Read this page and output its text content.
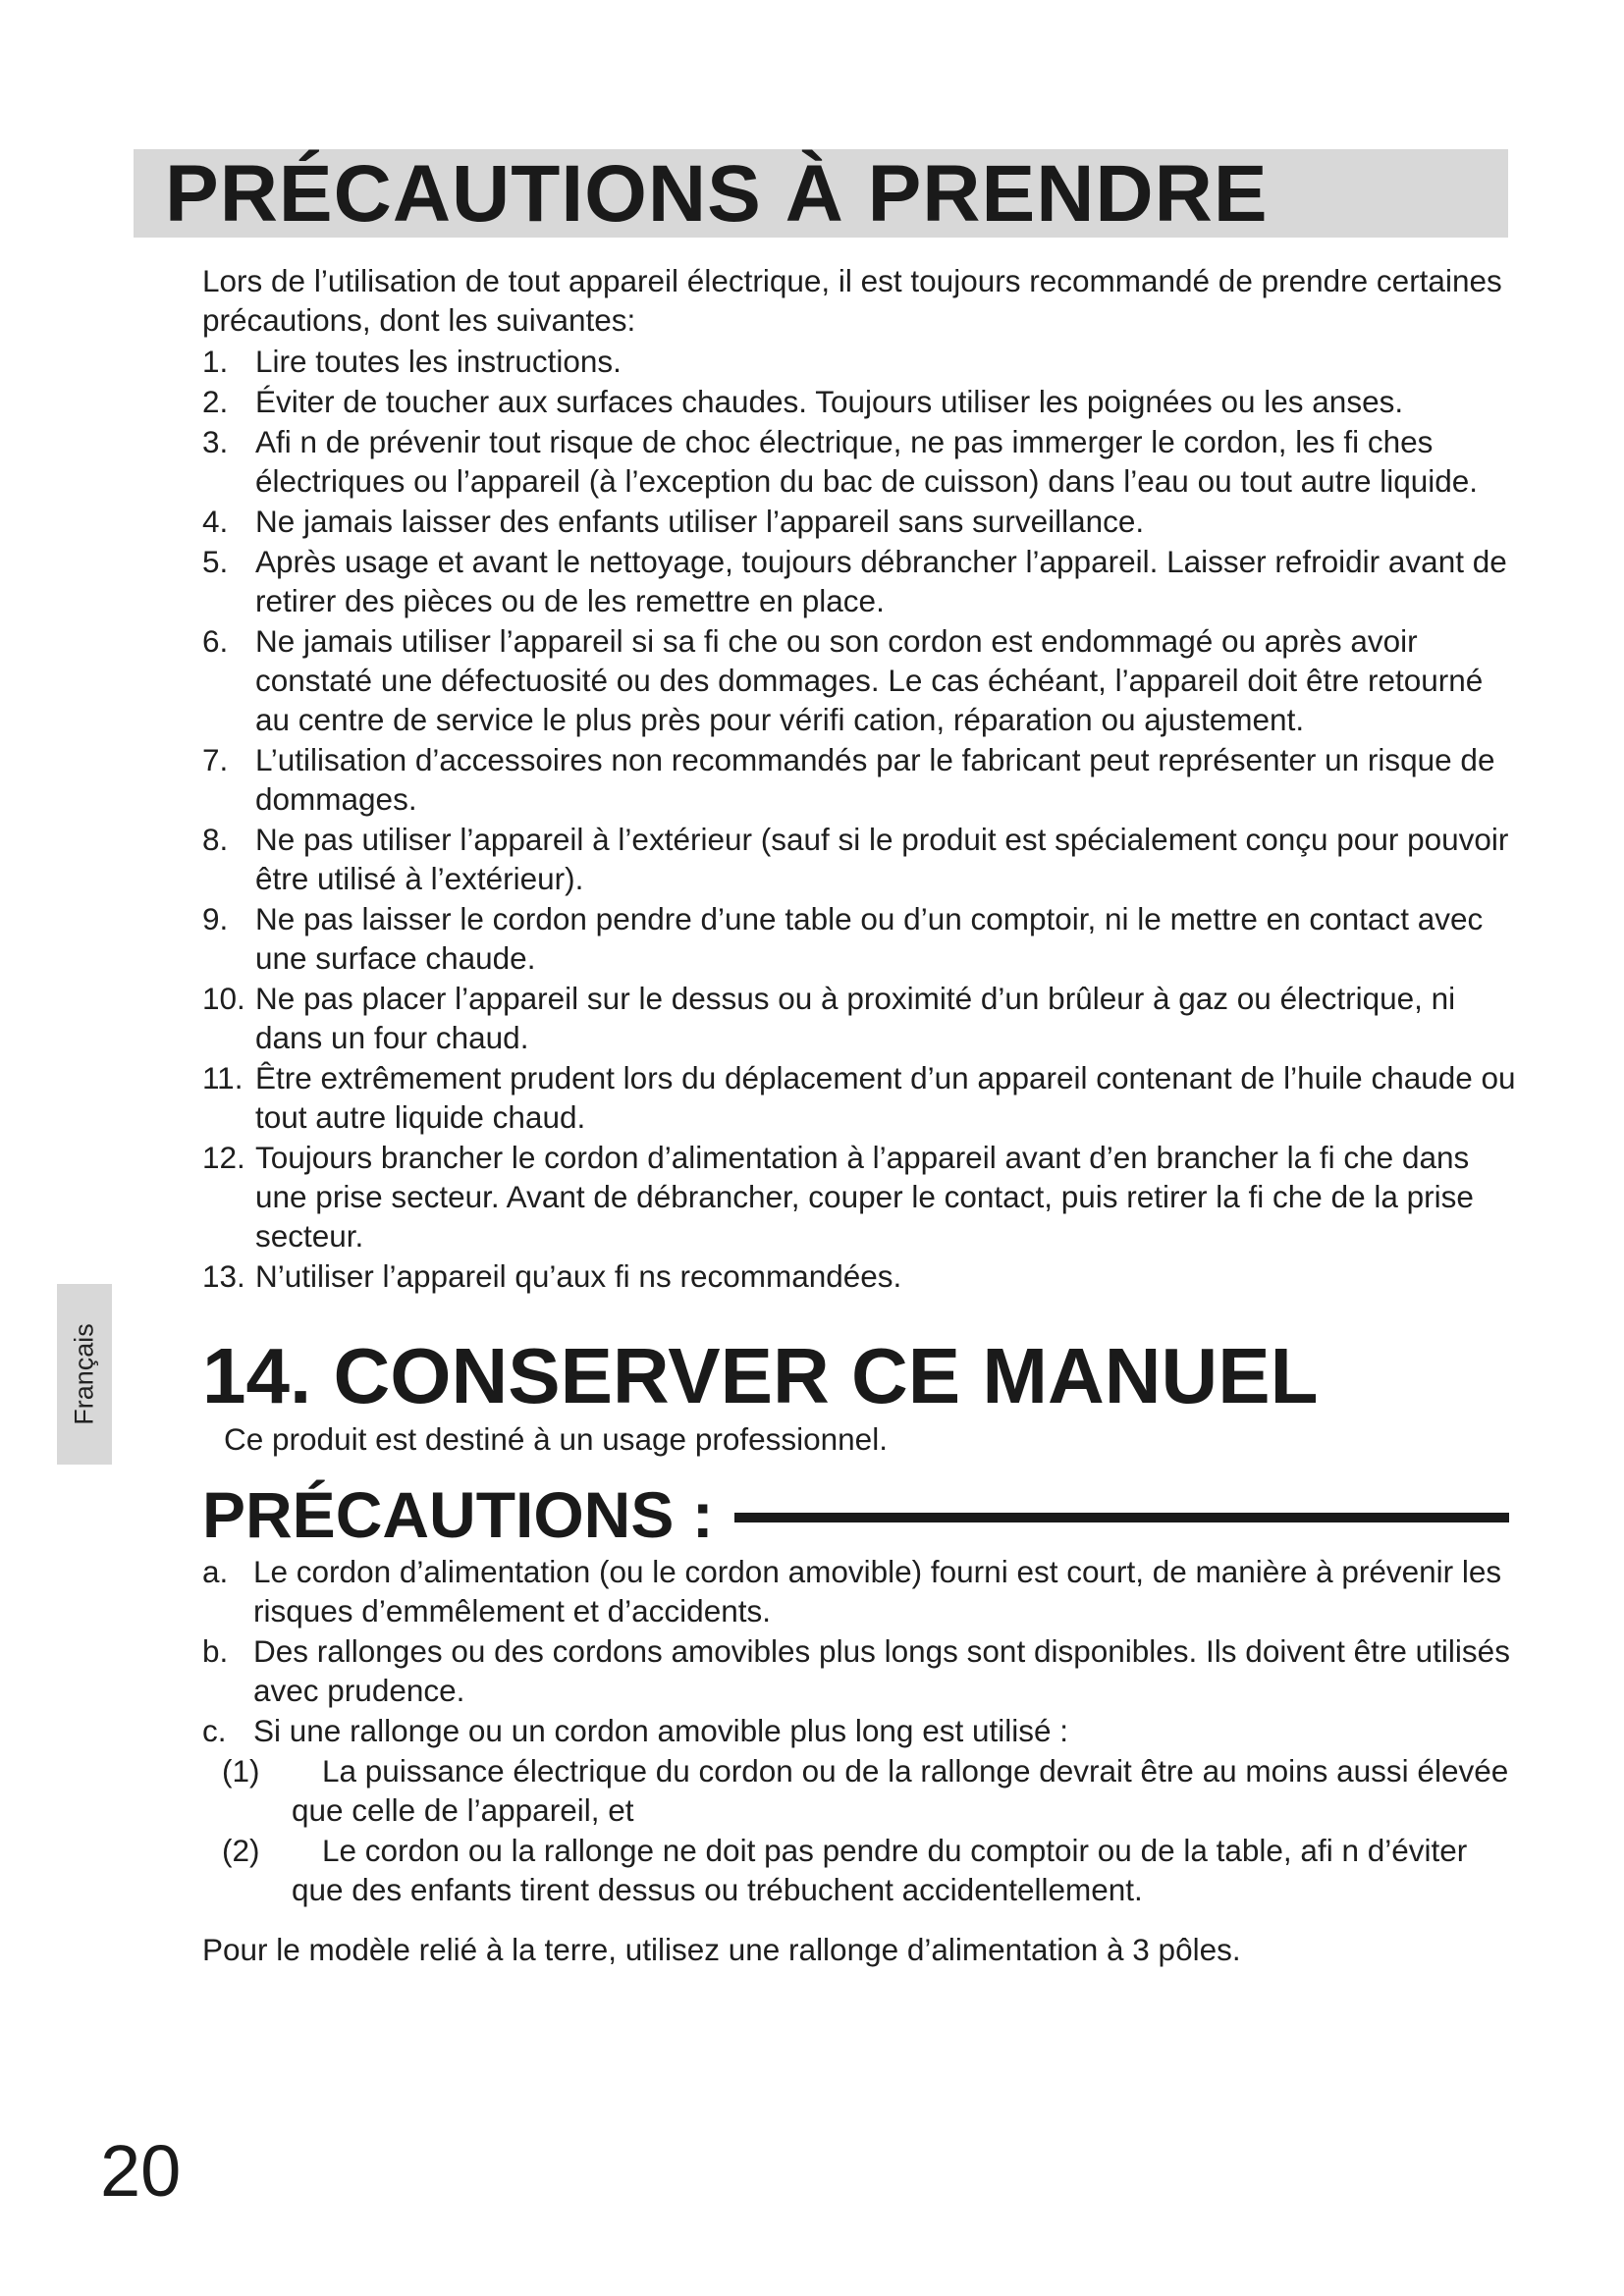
PRÉCAUTIONS À PRENDRE

Lors de l’utilisation de tout appareil électrique, il est toujours recommandé de prendre certaines précautions, dont les suivantes:

1. Lire toutes les instructions.
2. Éviter de toucher aux surfaces chaudes. Toujours utiliser les poignées ou les anses.
3. Afi n de prévenir tout risque de choc électrique, ne pas immerger le cordon, les fi ches électriques ou l’appareil (à l’exception du bac de cuisson) dans l’eau ou tout autre liquide.
4. Ne jamais laisser des enfants utiliser l’appareil sans surveillance.
5. Après usage et avant le nettoyage, toujours débrancher l’appareil. Laisser refroidir avant de retirer des pièces ou de les remettre en place.
6. Ne jamais utiliser l’appareil si sa fi che ou son cordon est endommagé ou après avoir constaté une défectuosité ou des dommages. Le cas échéant, l’appareil doit être retourné au centre de service le plus près pour vérifi cation, réparation ou ajustement.
7. L’utilisation d’accessoires non recommandés par le fabricant peut représenter un risque de dommages.
8. Ne pas utiliser l’appareil à l’extérieur (sauf si le produit est spécialement conçu pour pouvoir être utilisé à l’extérieur).
9. Ne pas laisser le cordon pendre d’une table ou d’un comptoir, ni le mettre en contact avec une surface chaude.
10. Ne pas placer l’appareil sur le dessus ou à proximité d’un brûleur à gaz ou électrique, ni dans un four chaud.
11. Être extrêmement prudent lors du déplacement d’un appareil contenant de l’huile chaude ou tout autre liquide chaud.
12. Toujours brancher le cordon d’alimentation à l’appareil avant d’en brancher la fi che dans une prise secteur. Avant de débrancher, couper le contact, puis retirer la fi che de la prise secteur.
13. N’utiliser l’appareil qu’aux fi ns recommandées.
14. CONSERVER CE MANUEL

Ce produit est destiné à un usage professionnel.

PRÉCAUTIONS :
a. Le cordon d’alimentation (ou le cordon amovible) fourni est court, de manière à prévenir les risques d’emmêlement et d’accidents.
b. Des rallonges ou des cordons amovibles plus longs sont disponibles. Ils doivent être utilisés avec prudence.
c. Si une rallonge ou un cordon amovible plus long est utilisé :
(1)	La puissance électrique du cordon ou de la rallonge devrait être au moins aussi élevée que celle de l’appareil, et
(2)	Le cordon ou la rallonge ne doit pas pendre du comptoir ou de la table, afi n d’éviter que des enfants tirent dessus ou trébuchent accidentellement.

Pour le modèle relié à la terre, utilisez une rallonge d’alimentation à 3 pôles.

Français

20
